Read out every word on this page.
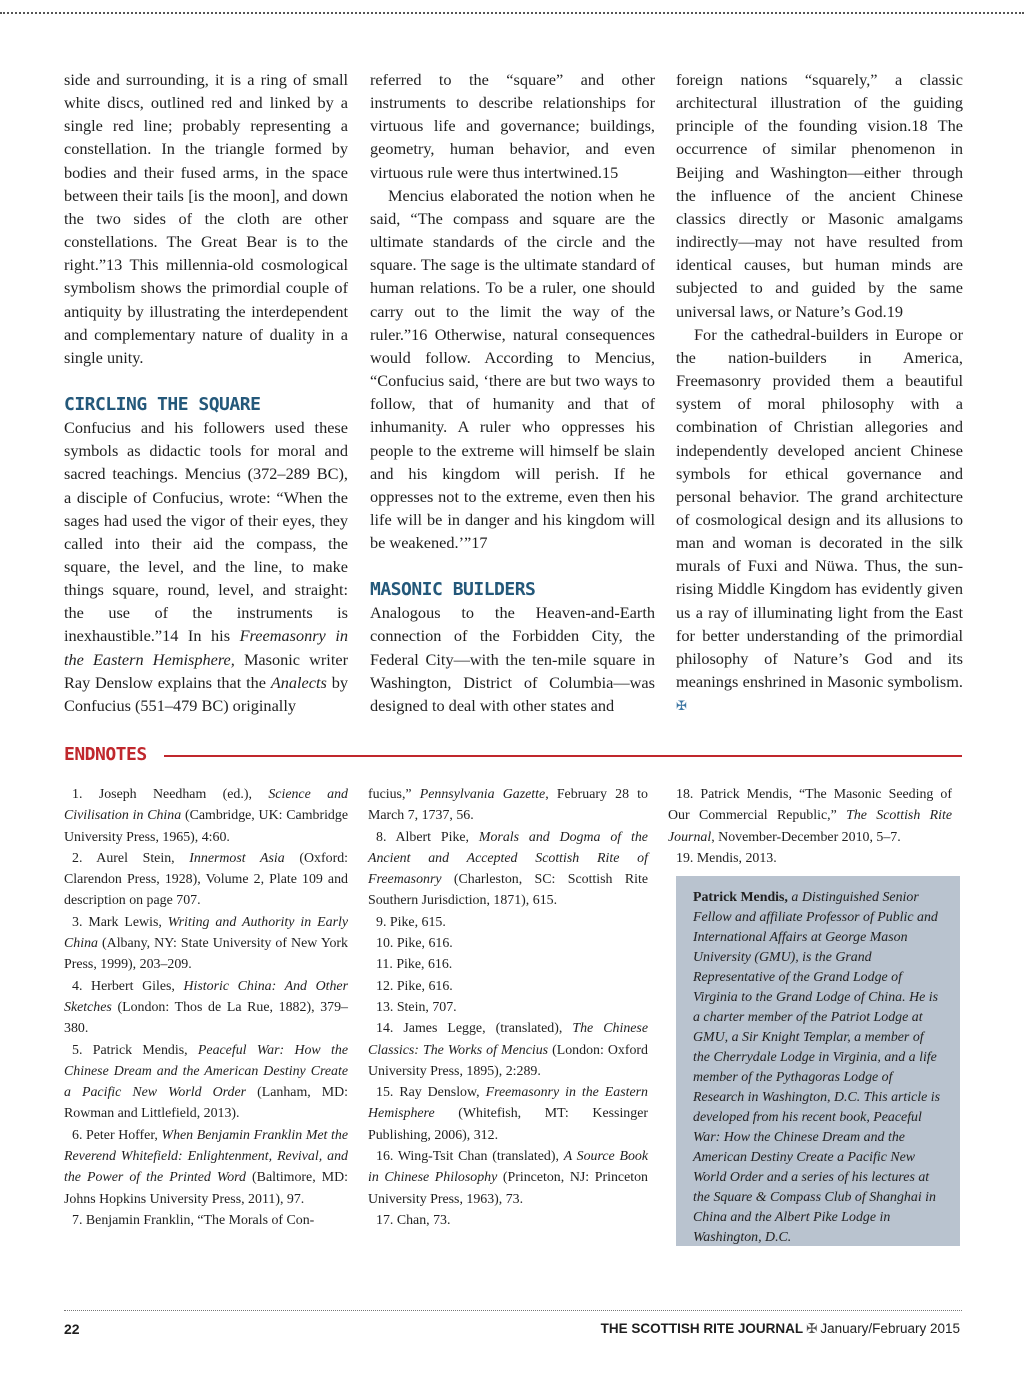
side and surrounding, it is a ring of small white discs, outlined red and linked by a single red line; probably representing a constellation. In the triangle formed by bodies and their fused arms, in the space between their tails [is the moon], and down the two sides of the cloth are other constellations. The Great Bear is to the right.”13 This millennia-old cosmological symbolism shows the primordial couple of antiquity by illustrating the interdependent and complementary nature of duality in a single unity.

CIRCLING THE SQUARE

Confucius and his followers used these symbols as didactic tools for moral and sacred teachings. Mencius (372–289 BC), a disciple of Confucius, wrote: “When the sages had used the vigor of their eyes, they called into their aid the compass, the square, the level, and the line, to make things square, round, level, and straight: the use of the instruments is inexhaustible.”14 In his Freemasonry in the Eastern Hemisphere, Masonic writer Ray Denslow explains that the Analects by Confucius (551–479 BC) originally

referred to the “square” and other instruments to describe relationships for virtuous life and governance; buildings, geometry, human behavior, and even virtuous rule were thus intertwined.15

Mencius elaborated the notion when he said, “The compass and square are the ultimate standards of the circle and the square. The sage is the ultimate standard of human relations. To be a ruler, one should carry out to the limit the way of the ruler.”16 Otherwise, natural consequences would follow. According to Mencius, “Confucius said, ‘there are but two ways to follow, that of humanity and that of inhumanity. A ruler who oppresses his people to the extreme will himself be slain and his kingdom will perish. If he oppresses not to the extreme, even then his life will be in danger and his kingdom will be weakened.’”17

MASONIC BUILDERS

Analogous to the Heaven-and-Earth connection of the Forbidden City, the Federal City—with the ten-mile square in Washington, District of Columbia—was designed to deal with other states and

foreign nations “squarely,” a classic architectural illustration of the guiding principle of the founding vision.18 The occurrence of similar phenomenon in Beijing and Washington—either through the influence of the ancient Chinese classics directly or Masonic amalgams indirectly—may not have resulted from identical causes, but human minds are subjected to and guided by the same universal laws, or Nature’s God.19

For the cathedral-builders in Europe or the nation-builders in America, Freemasonry provided them a beautiful system of moral philosophy with a combination of Christian allegories and independently developed ancient Chinese symbols for ethical governance and personal behavior. The grand architecture of cosmological design and its allusions to man and woman is decorated in the silk murals of Fuxi and Nüwa. Thus, the sun-rising Middle Kingdom has evidently given us a ray of illuminating light from the East for better understanding of the primordial philosophy of Nature’s God and its meanings enshrined in Masonic symbolism. ✠

ENDNOTES

1. Joseph Needham (ed.), Science and Civilisation in China (Cambridge, UK: Cambridge University Press, 1965), 4:60.

2. Aurel Stein, Innermost Asia (Oxford: Clarendon Press, 1928), Volume 2, Plate 109 and description on page 707.

3. Mark Lewis, Writing and Authority in Early China (Albany, NY: State University of New York Press, 1999), 203–209.

4. Herbert Giles, Historic China: And Other Sketches (London: Thos de La Rue, 1882), 379–380.

5. Patrick Mendis, Peaceful War: How the Chinese Dream and the American Destiny Create a Pacific New World Order (Lanham, MD: Rowman and Littlefield, 2013).

6. Peter Hoffer, When Benjamin Franklin Met the Reverend Whitefield: Enlightenment, Revival, and the Power of the Printed Word (Baltimore, MD: Johns Hopkins University Press, 2011), 97.

7. Benjamin Franklin, “The Morals of Con-

fucius,” Pennsylvania Gazette, February 28 to March 7, 1737, 56.

8. Albert Pike, Morals and Dogma of the Ancient and Accepted Scottish Rite of Freemasonry (Charleston, SC: Scottish Rite Southern Jurisdiction, 1871), 615.

9. Pike, 615.

10. Pike, 616.

11. Pike, 616.

12. Pike, 616.

13. Stein, 707.

14. James Legge, (translated), The Chinese Classics: The Works of Mencius (London: Oxford University Press, 1895), 2:289.

15. Ray Denslow, Freemasonry in the Eastern Hemisphere (Whitefish, MT: Kessinger Publishing, 2006), 312.

16. Wing-Tsit Chan (translated), A Source Book in Chinese Philosophy (Princeton, NJ: Princeton University Press, 1963), 73.

17. Chan, 73.

18. Patrick Mendis, “The Masonic Seeding of Our Commercial Republic,” The Scottish Rite Journal, November-December 2010, 5–7.

19. Mendis, 2013.

Patrick Mendis, a Distinguished Senior Fellow and affiliate Professor of Public and International Affairs at George Mason University (GMU), is the Grand Representative of the Grand Lodge of Virginia to the Grand Lodge of China. He is a charter member of the Patriot Lodge at GMU, a Sir Knight Templar, a member of the Cherrydale Lodge in Virginia, and a life member of the Pythagoras Lodge of Research in Washington, D.C. This article is developed from his recent book, Peaceful War: How the Chinese Dream and the American Destiny Create a Pacific New World Order and a series of his lectures at the Square & Compass Club of Shanghai in China and the Albert Pike Lodge in Washington, D.C.
22	THE SCOTTISH RITE JOURNAL ✠ January/February 2015
